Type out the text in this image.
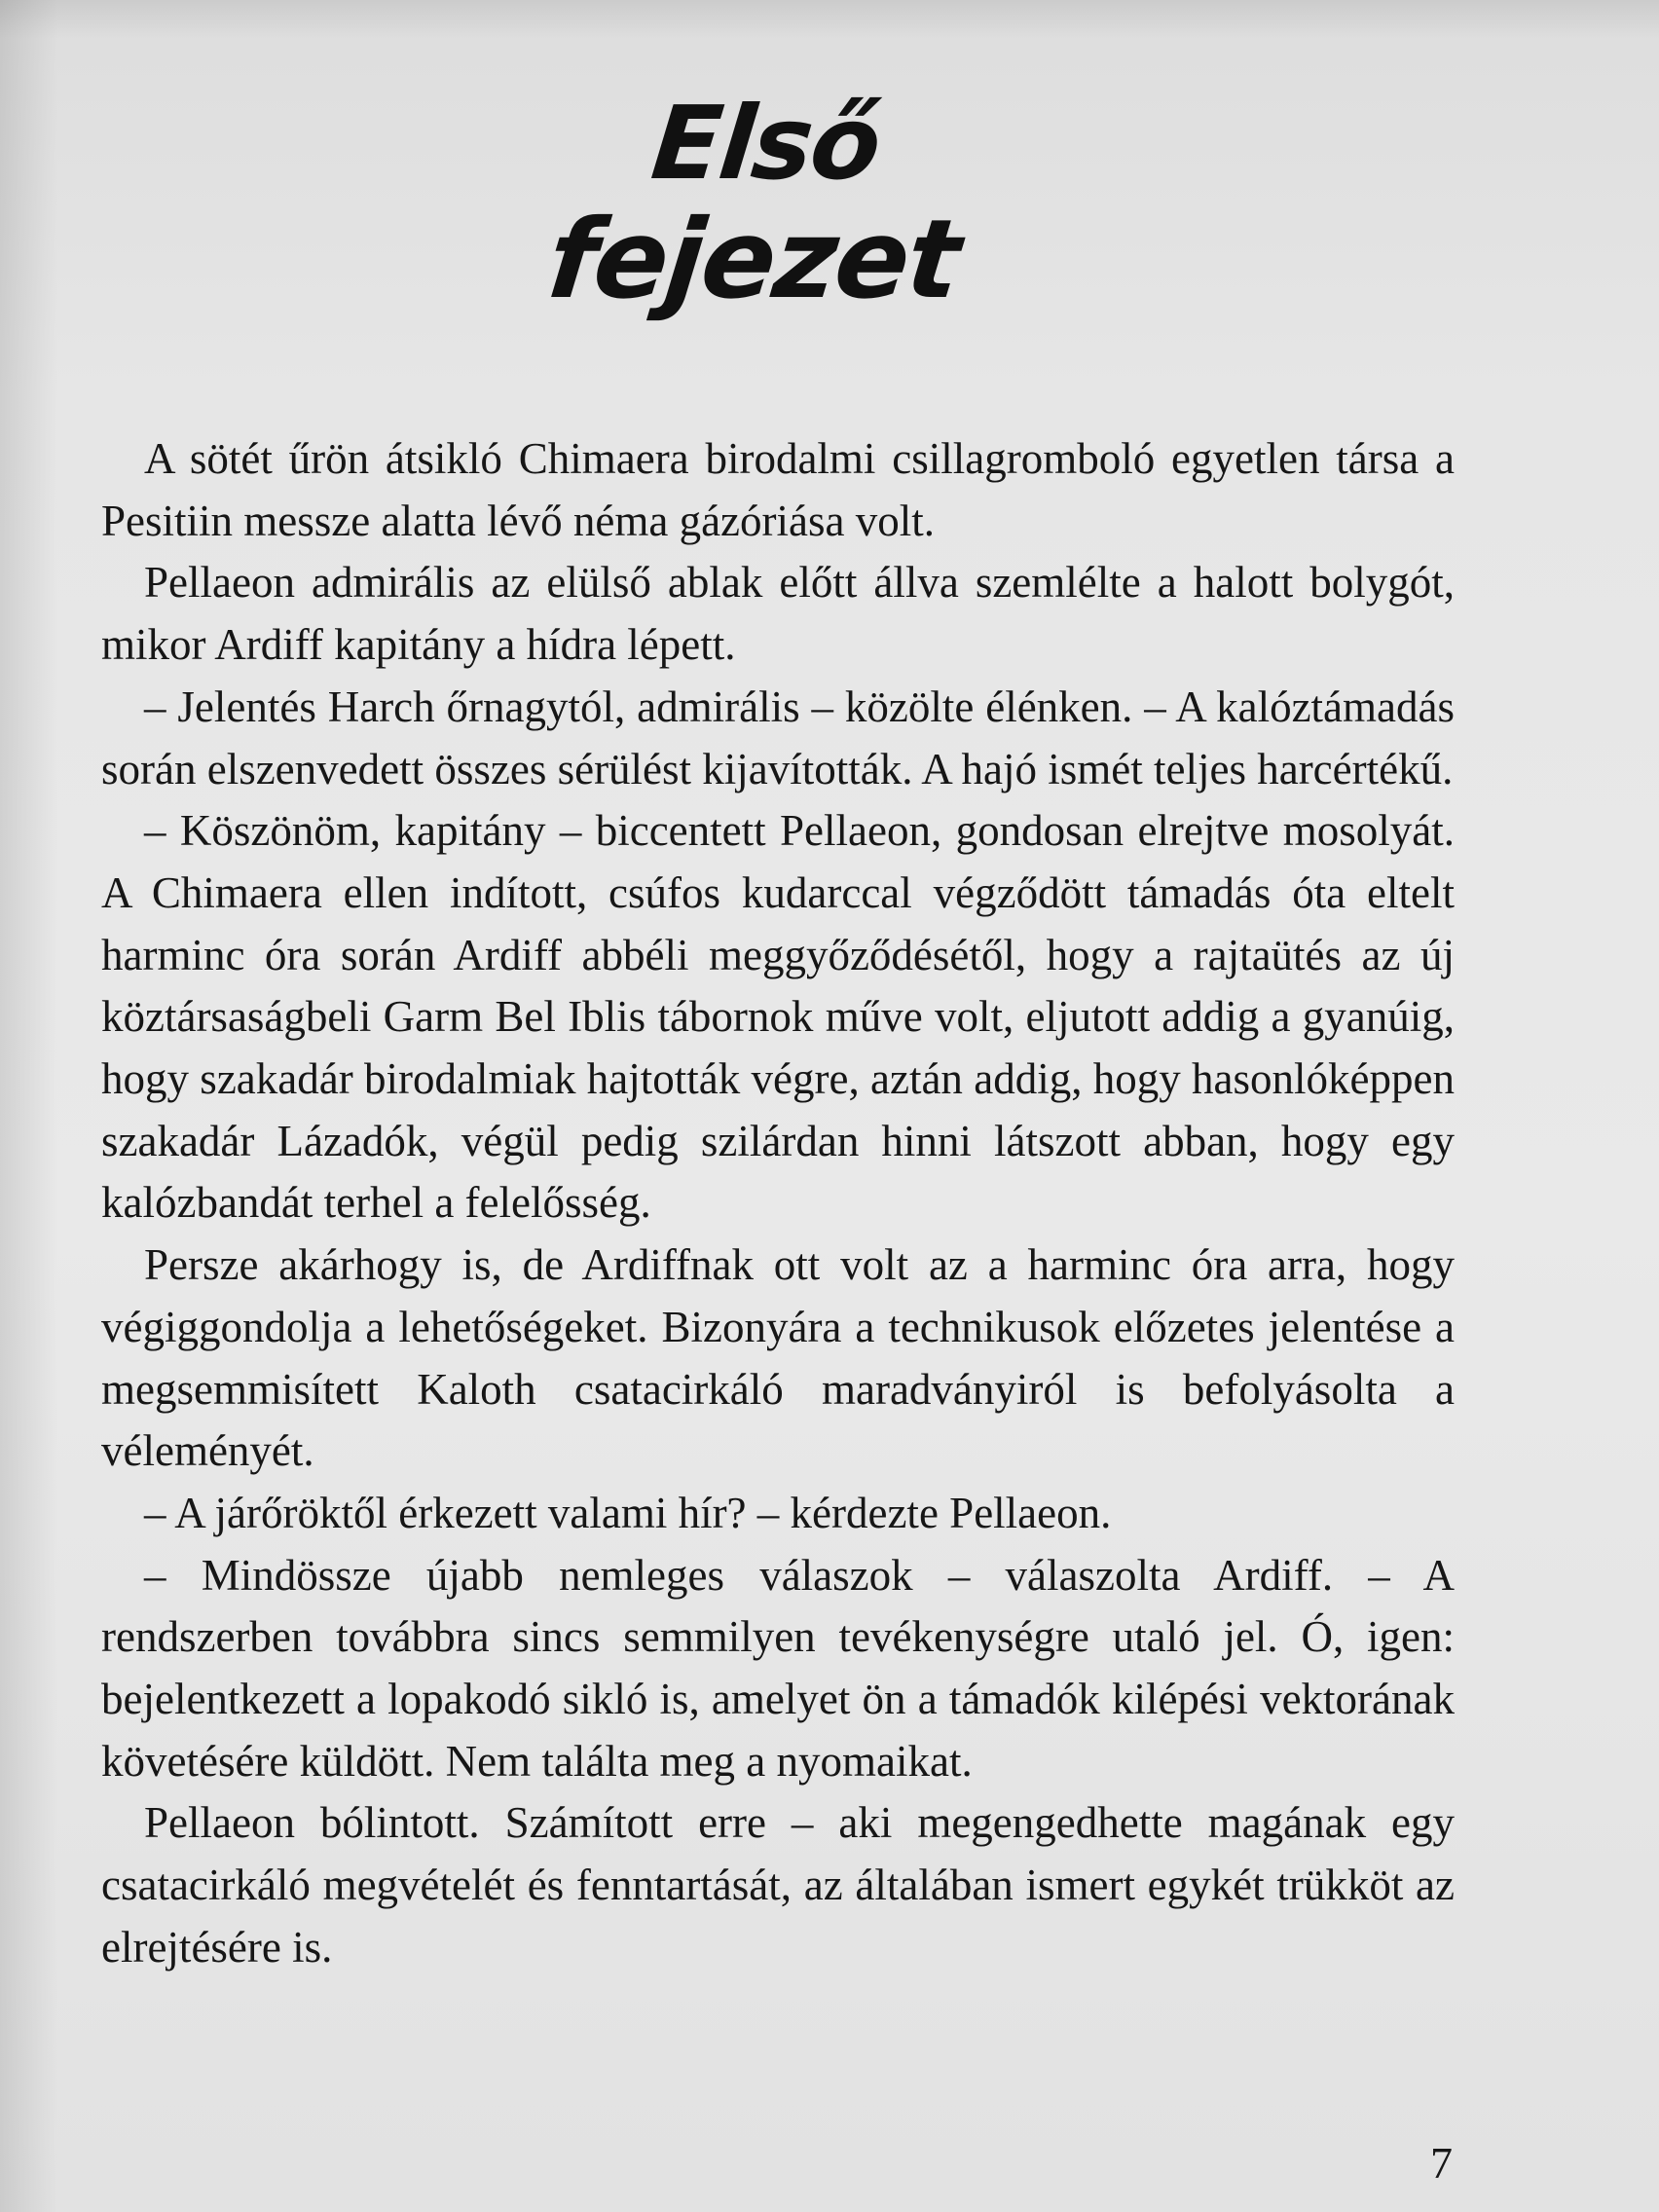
Első
fejezet

A sötét űrön átsikló Chimaera birodalmi csillagromboló egyetlen társa a Pesitiin messze alatta lévő néma gázóriása volt.

Pellaeon admirális az elülső ablak előtt állva szemlélte a halott bolygót, mikor Ardiff kapitány a hídra lépett.

– Jelentés Harch őrnagytól, admirális – közölte élénken. – A kalóztámadás során elszenvedett összes sérülést kijavították. A hajó ismét teljes harcértékű.

– Köszönöm, kapitány – biccentett Pellaeon, gondosan elrejtve mosolyát. A Chimaera ellen indított, csúfos kudarccal végződött támadás óta eltelt harminc óra során Ardiff abbéli meggyőződésétől, hogy a rajtaütés az új köztársaságbeli Garm Bel Iblis tábornok műve volt, eljutott addig a gyanúig, hogy szakadár birodalmiak hajtották végre, aztán addig, hogy hasonlóképpen szakadár Lázadók, végül pedig szilárdan hinni látszott abban, hogy egy kalózbandát terhel a felelősség.

Persze akárhogy is, de Ardiffnak ott volt az a harminc óra arra, hogy végiggondolja a lehetőségeket. Bizonyára a technikusok előzetes jelentése a megsemmisített Kaloth csatacirkáló maradványiról is befolyásolta a véleményét.

– A járőröktől érkezett valami hír? – kérdezte Pellaeon.

– Mindössze újabb nemleges válaszok – válaszolta Ardiff. – A rendszerben továbbra sincs semmilyen tevékenységre utaló jel. Ó, igen: bejelentkezett a lopakodó sikló is, amelyet ön a támadók kilépési vektorának követésére küldött. Nem találta meg a nyomaikat.

Pellaeon bólintott. Számított erre – aki megengedhette magának egy csatacirkáló megvételét és fenntartását, az általában ismert egykét trükköt az elrejtésére is.

7
